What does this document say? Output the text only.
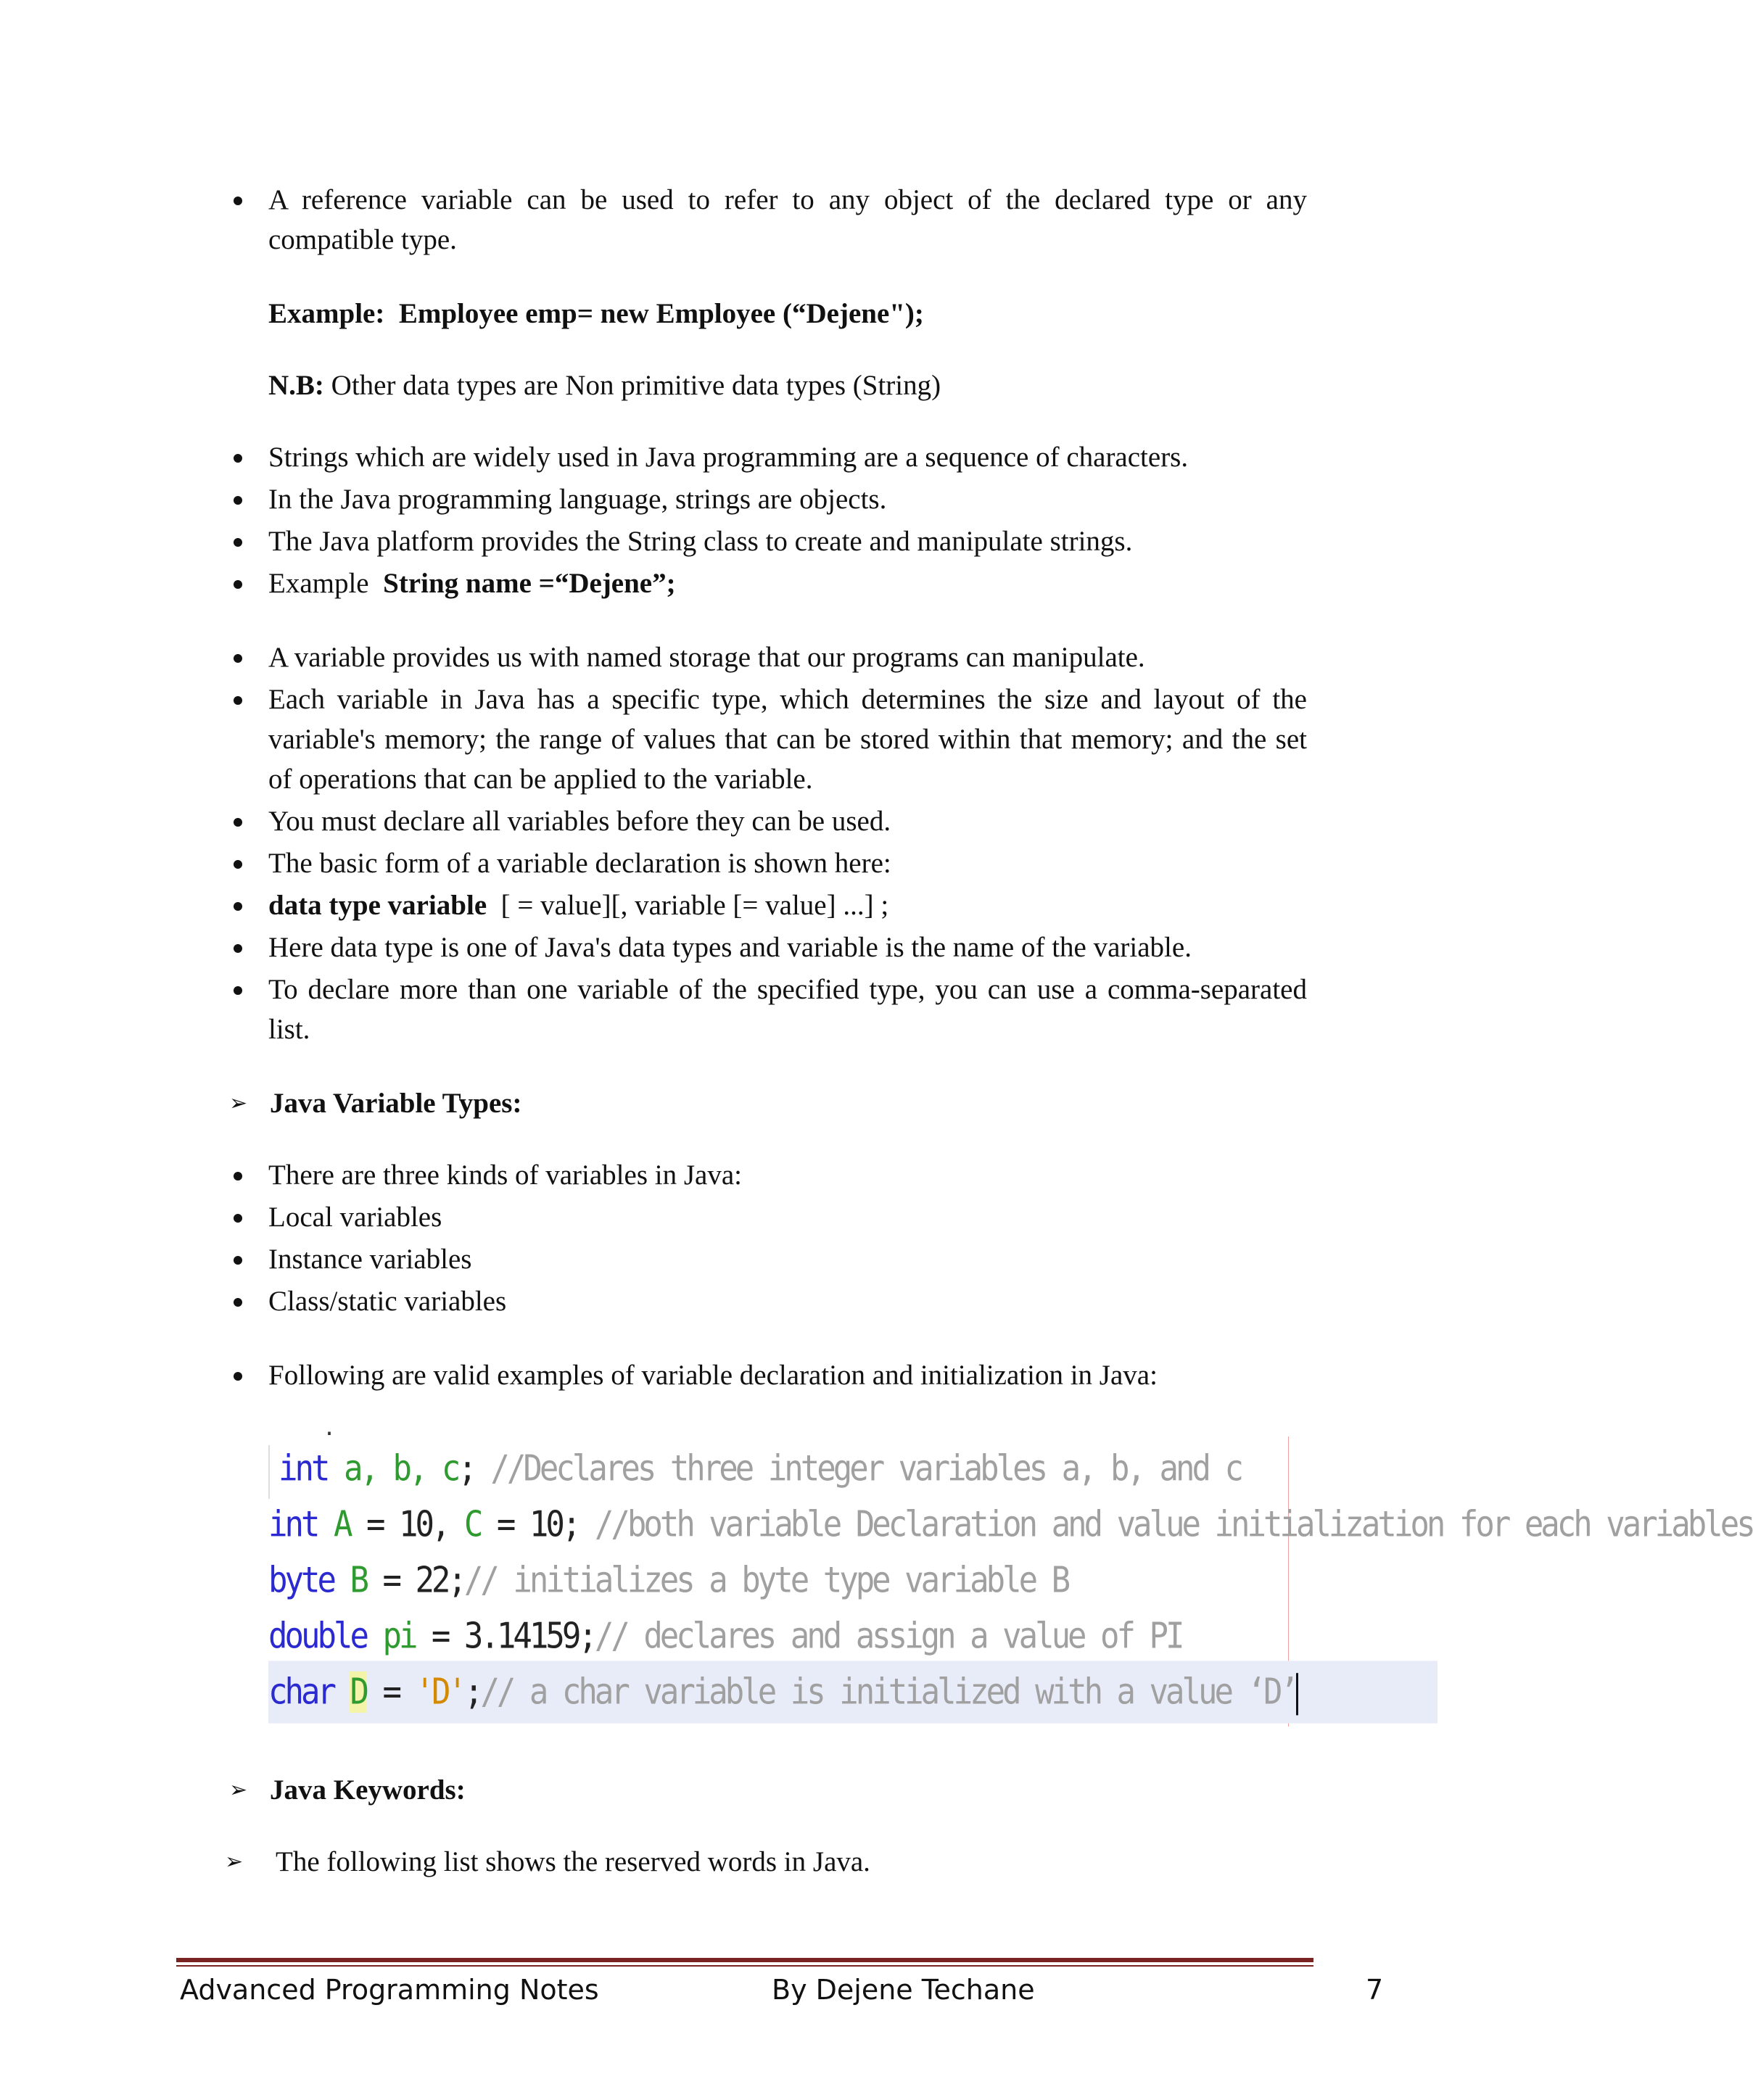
A reference variable can be used to refer to any object of the declared type or any compatible type.
Example: Employee emp= new Employee (“Dejene");
N.B: Other data types are Non primitive data types (String)
Strings which are widely used in Java programming are a sequence of characters.
In the Java programming language, strings are objects.
The Java platform provides the String class to create and manipulate strings.
Example String name =“Dejene”;
A variable provides us with named storage that our programs can manipulate.
Each variable in Java has a specific type, which determines the size and layout of the variable's memory; the range of values that can be stored within that memory; and the set of operations that can be applied to the variable.
You must declare all variables before they can be used.
The basic form of a variable declaration is shown here:
data type variable [ = value][, variable [= value] ...] ;
Here data type is one of Java's data types and variable is the name of the variable.
To declare more than one variable of the specified type, you can use a comma-separated list.
➢ Java Variable Types:
There are three kinds of variables in Java:
Local variables
Instance variables
Class/static variables
Following are valid examples of variable declaration and initialization in Java:
.
int a, b, c; //Declares three integer variables a, b, and c
int A = 10, C = 10; //both variable Declaration and value initialization for each variables
byte B = 22;// initializes a byte type variable B
double pi = 3.14159;// declares and assign a value of PI
char D = 'D';// a char variable is initialized with a value ‘D’
➢ Java Keywords:
➢ The following list shows the reserved words in Java.
Advanced Programming Notes	By Dejene Techane	7
